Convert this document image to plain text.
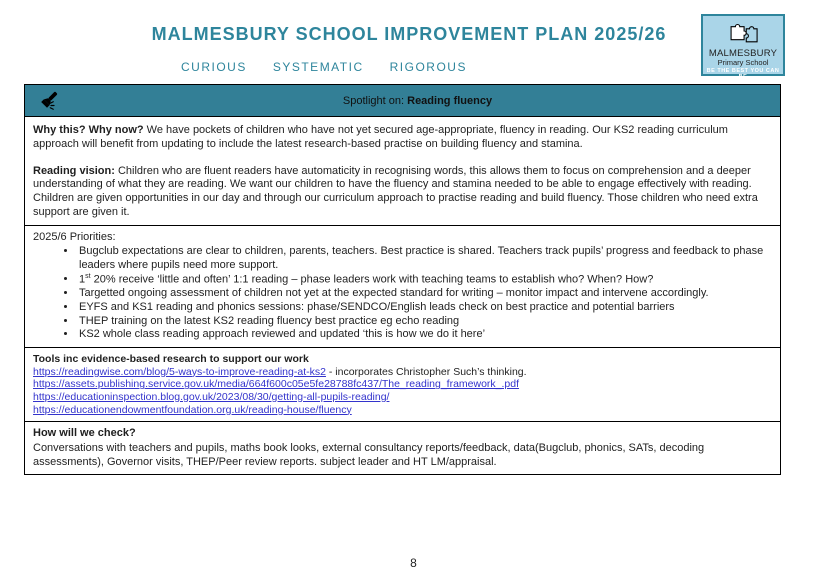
MALMESBURY SCHOOL IMPROVEMENT PLAN 2025/26
CURIOUS SYSTEMATIC RIGOROUS
MALMESBURY
Primary School
BE THE BEST YOU CAN BE
Spotlight on: Reading fluency

Why this? Why now? We have pockets of children who have not yet secured age-appropriate, fluency in reading. Our KS2 reading curriculum approach will benefit from updating to include the latest research-based practise on building fluency and stamina.

Reading vision: Children who are fluent readers have automaticity in recognising words, this allows them to focus on comprehension and a deeper understanding of what they are reading. We want our children to have the fluency and stamina needed to be able to engage effectively with reading. Children are given opportunities in our day and through our curriculum approach to practise reading and build fluency. Those children who need extra support are given it.

2025/6 Priorities:
• Bugclub expectations are clear to children, parents, teachers. Best practice is shared. Teachers track pupils’ progress and feedback to phase leaders where pupils need more support.
• 1st 20% receive ‘little and often’ 1:1 reading – phase leaders work with teaching teams to establish who? When? How?
• Targetted ongoing assessment of children not yet at the expected standard for writing – monitor impact and intervene accordingly.
• EYFS and KS1 reading and phonics sessions: phase/SENDCO/English leads check on best practice and potential barriers
• THEP training on the latest KS2 reading fluency best practice eg echo reading
• KS2 whole class reading approach reviewed and updated ‘this is how we do it here’
Tools inc evidence-based research to support our work
https://readingwise.com/blog/5-ways-to-improve-reading-at-ks2 - incorporates Christopher Such’s thinking.
https://assets.publishing.service.gov.uk/media/664f600c05e5fe28788fc437/The_reading_framework_.pdf
https://educationinspection.blog.gov.uk/2023/08/30/getting-all-pupils-reading/
https://educationendowmentfoundation.org.uk/reading-house/fluency
How will we check?
Conversations with teachers and pupils, maths book looks, external consultancy reports/feedback, data(Bugclub, phonics, SATs, decoding assessments), Governor visits, THEP/Peer review reports. subject leader and HT LM/appraisal.
8
